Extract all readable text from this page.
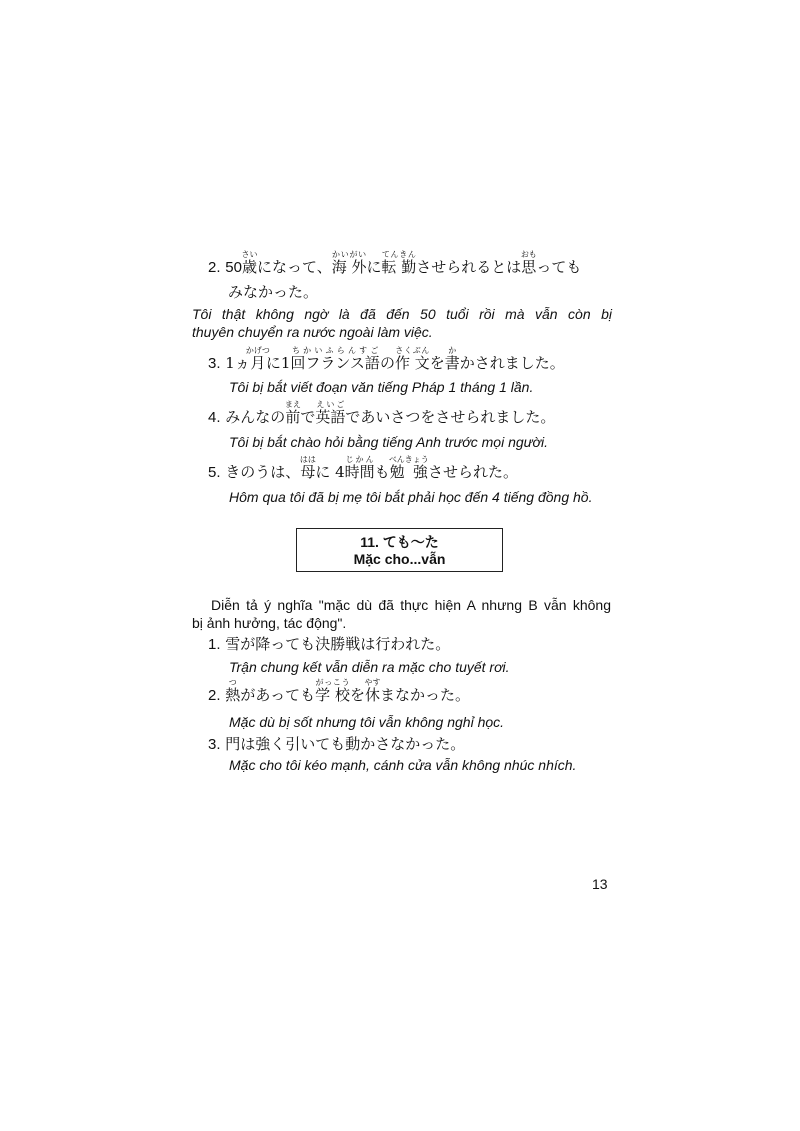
2. 50歳さいになって、海 外かいがいに転 勤てんきんさせられるとは思おもっても
みなかった。
Tôi thật không ngờ là đã đến 50 tuổi rồi mà vẫn còn bị
thuyên chuyển ra nước ngoài làm việc.
3. 1ヵ月かげつに1回フランス語ちかいふらんすごの作 文さくぶんを書かかされました。
Tôi bị bắt viết đoạn văn tiếng Pháp 1 tháng 1 lần.
4. みんなの前まえで英語えいごであいさつをさせられました。
Tôi bị bắt chào hỏi bằng tiếng Anh trước mọi người.
5. きのうは、母ははに 4時間じかんも勉 強べんきょうさせられた。
Hôm qua tôi đã bị mẹ tôi bắt phải học đến 4 tiếng đồng hồ.
11. ても～た
Mặc cho...vẫn
Diễn tả ý nghĩa "mặc dù đã thực hiện A nhưng B vẫn không
bị ảnh hưởng, tác động".
1. 雪が降っても決勝戦は行われた。
Trận chung kết vẫn diễn ra mặc cho tuyết rơi.
2. 熱つがあっても学 校がっこうを休やすまなかった。
Mặc dù bị sốt nhưng tôi vẫn không nghỉ học.
3. 門は強く引いても動かさなかった。
Mặc cho tôi kéo mạnh, cánh cửa vẫn không nhúc nhích.
13
